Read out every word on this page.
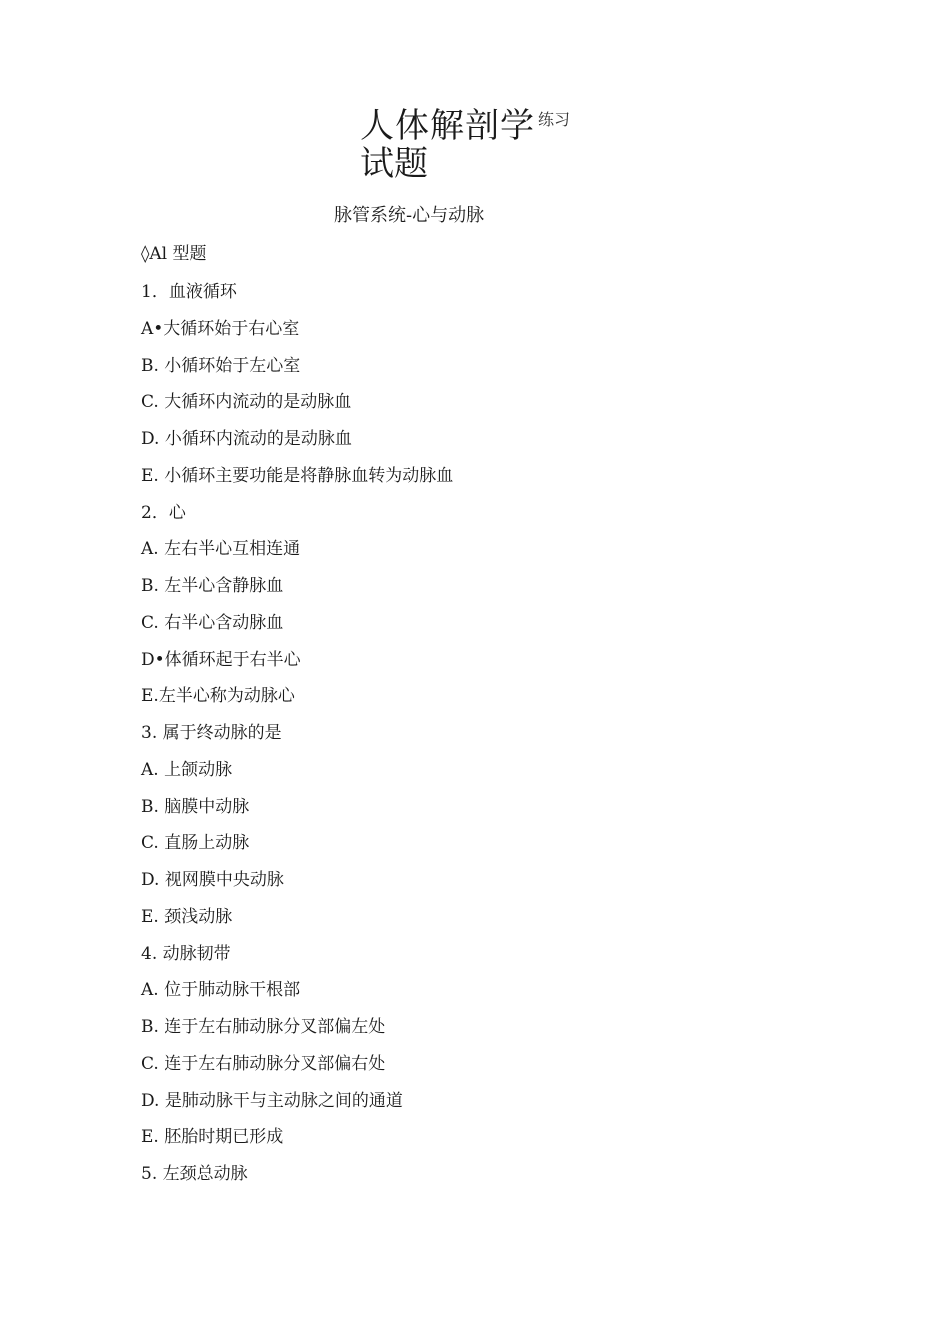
人体解剖学 练习
试题
脉管系统-心与动脉
◊Al 型题
1．血液循环
A•大循环始于右心室
B. 小循环始于左心室
C. 大循环内流动的是动脉血
D. 小循环内流动的是动脉血
E. 小循环主要功能是将静脉血转为动脉血
2．心
A. 左右半心互相连通
B. 左半心含静脉血
C. 右半心含动脉血
D•体循环起于右半心
E.左半心称为动脉心
3. 属于终动脉的是
A. 上颌动脉
B. 脑膜中动脉
C. 直肠上动脉
D. 视网膜中央动脉
E. 颈浅动脉
4. 动脉韧带
A. 位于肺动脉干根部
B. 连于左右肺动脉分叉部偏左处
C. 连于左右肺动脉分叉部偏右处
D. 是肺动脉干与主动脉之间的通道
E. 胚胎时期已形成
5. 左颈总动脉
